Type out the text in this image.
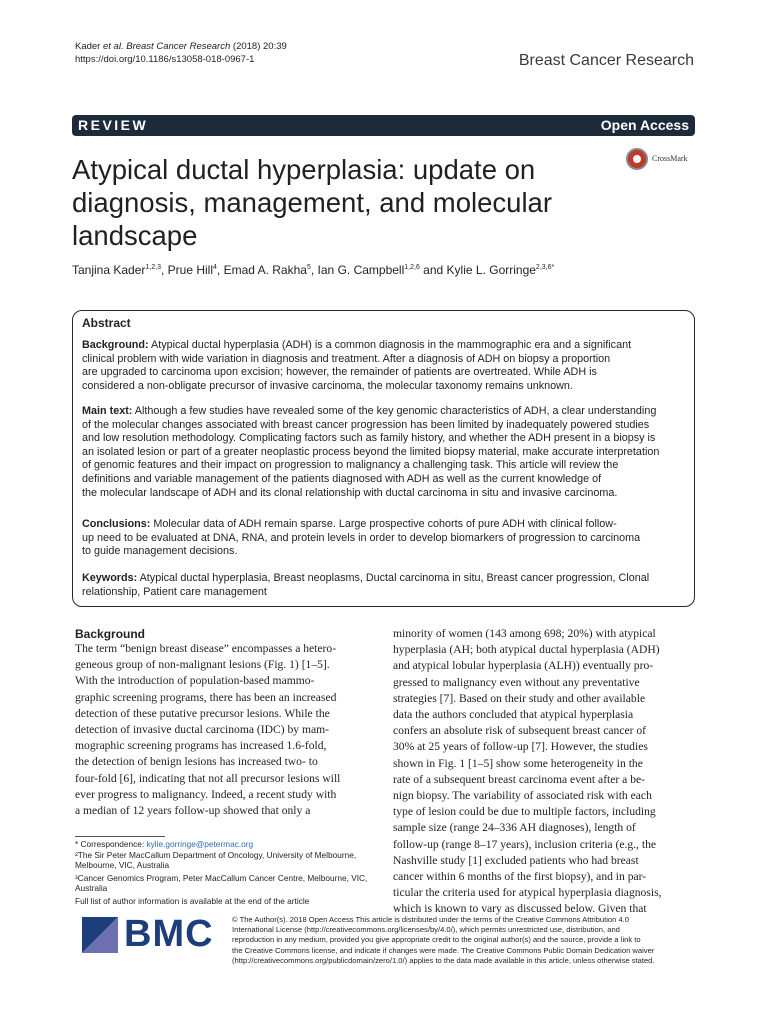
Kader et al. Breast Cancer Research (2018) 20:39
https://doi.org/10.1186/s13058-018-0967-1	Breast Cancer Research
REVIEW	Open Access
Atypical ductal hyperplasia: update on diagnosis, management, and molecular landscape
CrossMark
Tanjina Kader$^{1,2,3}$, Prue Hill$^4$, Emad A. Rakha$^5$, Ian G. Campbell$^{1,2,6}$ and Kylie L. Gorringe$^{2,3,6*}$
Abstract
Background: Atypical ductal hyperplasia (ADH) is a common diagnosis in the mammographic era and a significant
clinical problem with wide variation in diagnosis and treatment. After a diagnosis of ADH on biopsy a proportion
are upgraded to carcinoma upon excision; however, the remainder of patients are overtreated. While ADH is
considered a non-obligate precursor of invasive carcinoma, the molecular taxonomy remains unknown.
Main text: Although a few studies have revealed some of the key genomic characteristics of ADH, a clear understanding
of the molecular changes associated with breast cancer progression has been limited by inadequately powered studies
and low resolution methodology. Complicating factors such as family history, and whether the ADH present in a biopsy is
an isolated lesion or part of a greater neoplastic process beyond the limited biopsy material, make accurate interpretation
of genomic features and their impact on progression to malignancy a challenging task. This article will review the
definitions and variable management of the patients diagnosed with ADH as well as the current knowledge of
the molecular landscape of ADH and its clonal relationship with ductal carcinoma in situ and invasive carcinoma.
Conclusions: Molecular data of ADH remain sparse. Large prospective cohorts of pure ADH with clinical follow-
up need to be evaluated at DNA, RNA, and protein levels in order to develop biomarkers of progression to carcinoma
to guide management decisions.
Keywords: Atypical ductal hyperplasia, Breast neoplasms, Ductal carcinoma in situ, Breast cancer progression, Clonal
relationship, Patient care management
Background

The term “benign breast disease” encompasses a hetero-

geneous group of non-malignant lesions (Fig. 1) [1–5].

With the introduction of population-based mammo-

graphic screening programs, there has been an increased

detection of these putative precursor lesions. While the

detection of invasive ductal carcinoma (IDC) by mam-

mographic screening programs has increased 1.6-fold,

the detection of benign lesions has increased two- to

four-fold [6], indicating that not all precursor lesions will

ever progress to malignancy. Indeed, a recent study with

a median of 12 years follow-up showed that only a

minority of women (143 among 698; 20%) with atypical

hyperplasia (AH; both atypical ductal hyperplasia (ADH)

and atypical lobular hyperplasia (ALH)) eventually pro-

gressed to malignancy even without any preventative

strategies [7]. Based on their study and other available

data the authors concluded that atypical hyperplasia

confers an absolute risk of subsequent breast cancer of

30% at 25 years of follow-up [7]. However, the studies

shown in Fig. 1 [1–5] show some heterogeneity in the

rate of a subsequent breast carcinoma event after a be-

nign biopsy. The variability of associated risk with each

type of lesion could be due to multiple factors, including

sample size (range 24–336 AH diagnoses), length of

follow-up (range 8–17 years), inclusion criteria (e.g., the

Nashville study [1] excluded patients who had breast

cancer within 6 months of the first biopsy), and in par-

ticular the criteria used for atypical hyperplasia diagnosis,

which is known to vary as discussed below. Given that

* Correspondence: kylie.gorringe@petermac.org
²The Sir Peter MacCallum Department of Oncology, University of Melbourne,
Melbourne, VIC, Australia
³Cancer Genomics Program, Peter MacCallum Cancer Centre, Melbourne, VIC,
Australia
Full list of author information is available at the end of the article
BMC © The Author(s). 2018 Open Access This article is distributed under the terms of the Creative Commons Attribution 4.0
International License (http://creativecommons.org/licenses/by/4.0/), which permits unrestricted use, distribution, and
reproduction in any medium, provided you give appropriate credit to the original author(s) and the source, provide a link to
the Creative Commons license, and indicate if changes were made. The Creative Commons Public Domain Dedication waiver
(http://creativecommons.org/publicdomain/zero/1.0/) applies to the data made available in this article, unless otherwise stated.
